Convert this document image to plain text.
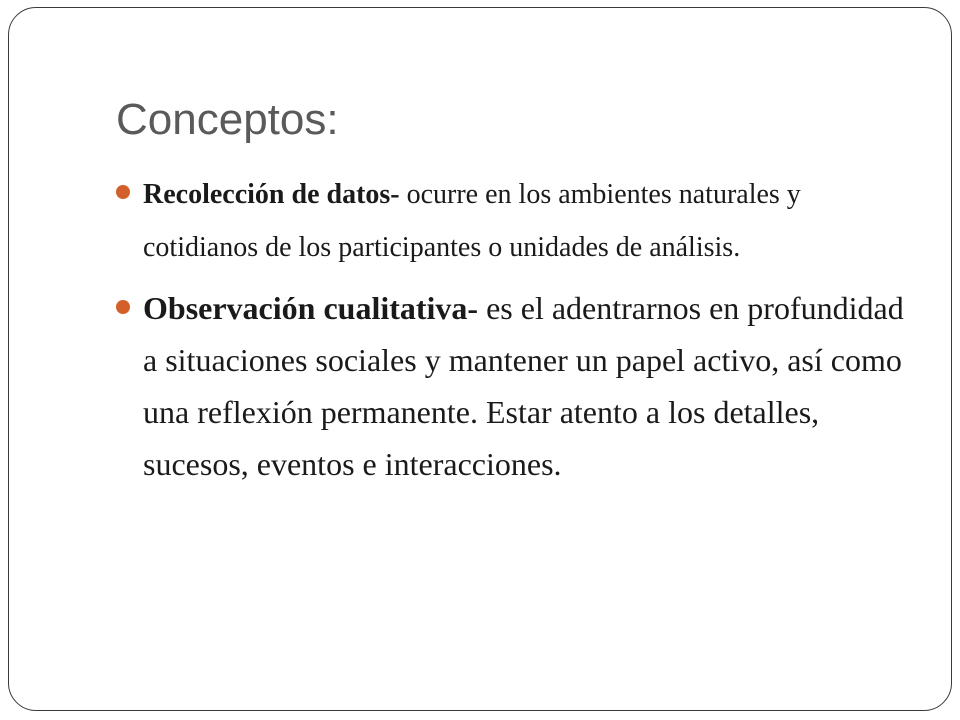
Conceptos:
Recolección de datos- ocurre en los ambientes naturales y cotidianos de los participantes o unidades de análisis.
Observación cualitativa- es el adentrarnos en profundidad a situaciones sociales y mantener un papel activo, así como una reflexión permanente. Estar atento a los detalles, sucesos, eventos e interacciones.
